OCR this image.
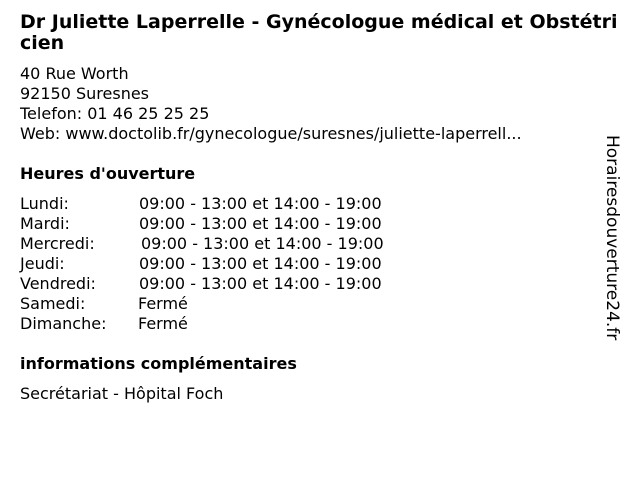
Dr Juliette Laperrelle - Gynécologue médical et Obstétricien
40 Rue Worth
92150 Suresnes
Telefon: 01 46 25 25 25
Web: www.doctolib.fr/gynecologue/suresnes/juliette-laperrell...
Heures d'ouverture
Lundi:	09:00 - 13:00 et 14:00 - 19:00
Mardi:	09:00 - 13:00 et 14:00 - 19:00
Mercredi:	09:00 - 13:00 et 14:00 - 19:00
Jeudi:	09:00 - 13:00 et 14:00 - 19:00
Vendredi:	09:00 - 13:00 et 14:00 - 19:00
Samedi:	Fermé
Dimanche: Fermé
informations complémentaires
Secrétariat - Hôpital Foch
Horairesdouverture24.fr
